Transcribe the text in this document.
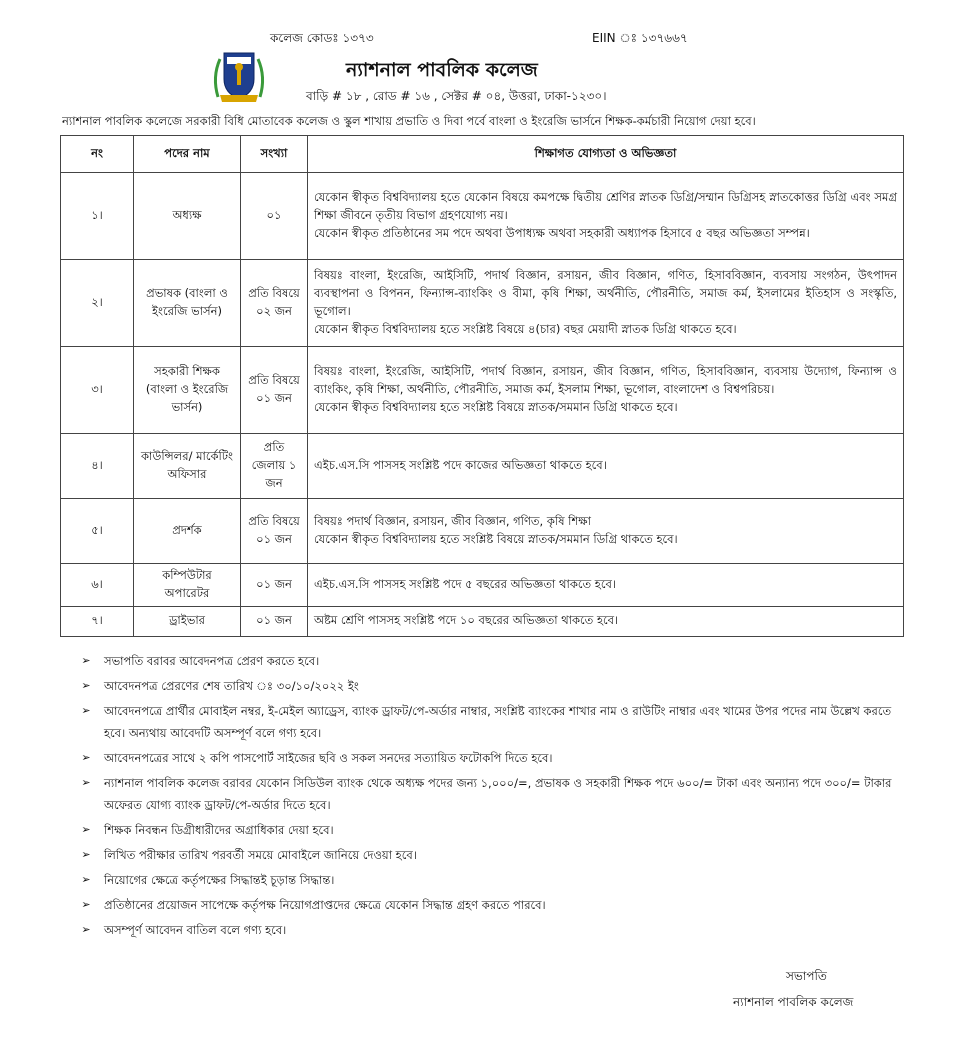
কলেজ কোডঃ ১৩৭৩	EIIN ঃ ১৩৭৬৬৭
ন্যাশনাল পাবলিক কলেজ
বাড়ি # ১৮ , রোড # ১৬ , সেক্টর # ০৪, উত্তরা, ঢাকা-১২৩০।
ন্যাশনাল পাবলিক কলেজে সরকারী বিধি মোতাবেক কলেজ ও স্কুল শাখায় প্রভাতি ও দিবা পর্বে বাংলা ও ইংরেজি ভার্সনে শিক্ষক-কর্মচারী নিয়োগ দেয়া হবে।
নং	পদের নাম	সংখ্যা	শিক্ষাগত যোগ্যতা ও অভিজ্ঞতা
১।	অধ্যক্ষ	০১	যেকোন স্বীকৃত বিশ্ববিদ্যালয় হতে যেকোন বিষয়ে কমপক্ষে দ্বিতীয় শ্রেণির স্নাতক ডিগ্রি/সম্মান ডিগ্রিসহ স্নাতকোত্তর ডিগ্রি এবং সমগ্র শিক্ষা জীবনে তৃতীয় বিভাগ গ্রহণযোগ্য নয়।
যেকোন স্বীকৃত প্রতিষ্ঠানের সম পদে অথবা উপাধ্যক্ষ অথবা সহকারী অধ্যাপক হিসাবে ৫ বছর অভিজ্ঞতা সম্পন্ন।

২।	প্রভাষক (বাংলা ও ইংরেজি ভার্সন)	প্রতি বিষয়ে ০২ জন	বিষয়ঃ বাংলা, ইংরেজি, আইসিটি, পদার্থ বিজ্ঞান, রসায়ন, জীব বিজ্ঞান, গণিত, হিসাববিজ্ঞান, ব্যবসায় সংগঠন, উৎপাদন ব্যবস্থাপনা ও বিপনন, ফিন্যান্স-ব্যাংকিং ও বীমা, কৃষি শিক্ষা, অর্থনীতি, পৌরনীতি, সমাজ কর্ম, ইসলামের ইতিহাস ও সংস্কৃতি, ভূগোল।
যেকোন স্বীকৃত বিশ্ববিদ্যালয় হতে সংশ্লিষ্ট বিষয়ে ৪(চার) বছর মেয়াদী স্নাতক ডিগ্রি থাকতে হবে।

৩।	সহকারী শিক্ষক (বাংলা ও ইংরেজি ভার্সন)	প্রতি বিষয়ে ০১ জন	বিষয়ঃ বাংলা, ইংরেজি, আইসিটি, পদার্থ বিজ্ঞান, রসায়ন, জীব বিজ্ঞান, গণিত, হিসাববিজ্ঞান, ব্যবসায় উদ্যোগ, ফিন্যান্স ও ব্যাংকিং, কৃষি শিক্ষা, অর্থনীতি, পৌরনীতি, সমাজ কর্ম, ইসলাম শিক্ষা, ভূগোল, বাংলাদেশ ও বিশ্বপরিচয়।
যেকোন স্বীকৃত বিশ্ববিদ্যালয় হতে সংশ্লিষ্ট বিষয়ে স্নাতক/সমমান ডিগ্রি থাকতে হবে।

৪।	কাউন্সিলর/ মার্কেটিং অফিসার	প্রতি জেলায় ১ জন	এইচ.এস.সি পাসসহ সংশ্লিষ্ট পদে কাজের অভিজ্ঞতা থাকতে হবে।
৫।	প্রদর্শক	প্রতি বিষয়ে ০১ জন	বিষয়ঃ পদার্থ বিজ্ঞান, রসায়ন, জীব বিজ্ঞান, গণিত, কৃষি শিক্ষা
যেকোন স্বীকৃত বিশ্ববিদ্যালয় হতে সংশ্লিষ্ট বিষয়ে স্নাতক/সমমান ডিগ্রি থাকতে হবে।

৬।	কম্পিউটার অপারেটর	০১ জন	এইচ.এস.সি পাসসহ সংশ্লিষ্ট পদে ৫ বছরের অভিজ্ঞতা থাকতে হবে।
৭।	ড্রাইভার	০১ জন	অষ্টম শ্রেণি পাসসহ সংশ্লিষ্ট পদে ১০ বছরের অভিজ্ঞতা থাকতে হবে।
➢ সভাপতি বরাবর আবেদনপত্র প্রেরণ করতে হবে।
➢ আবেদনপত্র প্রেরণের শেষ তারিখ ঃ ৩০/১০/২০২২ ইং
➢ আবেদনপত্রে প্রার্থীর মোবাইল নম্বর, ই-মেইল অ্যাড্রেস, ব্যাংক ড্রাফট/পে-অর্ডার নাম্বার, সংশ্লিষ্ট ব্যাংকের শাখার নাম ও রাউটিং নাম্বার এবং খামের উপর পদের নাম উল্লেখ করতে হবে। অন্যথায় আবেদটি অসম্পূর্ণ বলে গণ্য হবে।
➢ আবেদনপত্রের সাথে ২ কপি পাসপোর্ট সাইজের ছবি ও সকল সনদের সত্যায়িত ফটোকপি দিতে হবে।
➢ ন্যাশনাল পাবলিক কলেজ বরাবর যেকোন সিডিউল ব্যাংক থেকে অধ্যক্ষ পদের জন্য ১,০০০/=, প্রভাষক ও সহকারী শিক্ষক পদে ৬০০/= টাকা এবং অন্যান্য পদে ৩০০/= টাকার অফেরত যোগ্য ব্যাংক ড্রাফট/পে-অর্ডার দিতে হবে।
➢ শিক্ষক নিবন্ধন ডিগ্রীধারীদের অগ্রাধিকার দেয়া হবে।
➢ লিখিত পরীক্ষার তারিখ পরবর্তী সময়ে মোবাইলে জানিয়ে দেওয়া হবে।
➢ নিয়োগের ক্ষেত্রে কর্তৃপক্ষের সিদ্ধান্তই চূড়ান্ত সিদ্ধান্ত।
➢ প্রতিষ্ঠানের প্রয়োজন সাপেক্ষে কর্তৃপক্ষ নিয়োগপ্রাপ্তদের ক্ষেত্রে যেকোন সিদ্ধান্ত গ্রহণ করতে পারবে।
➢ অসম্পূর্ণ আবেদন বাতিল বলে গণ্য হবে।
সভাপতি
ন্যাশনাল পাবলিক কলেজ
